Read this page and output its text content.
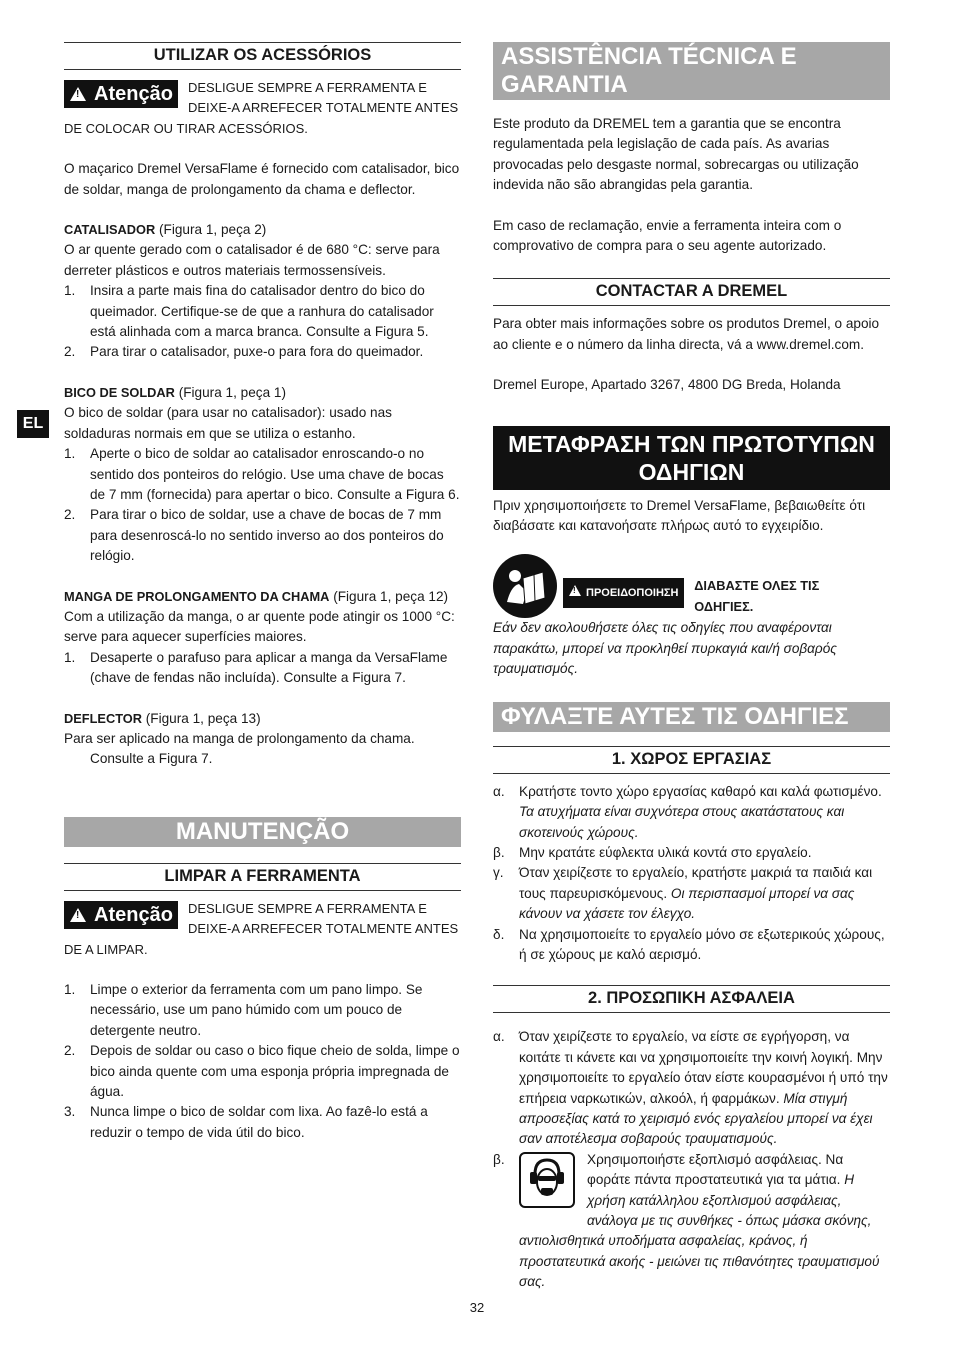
EL
UTILIZAR OS ACESSÓRIOS
!
Atenção	DESLIGUE SEMPRE A FERRAMENTA E DEIXE-A ARREFECER TOTALMENTE ANTES

DE COLOCAR OU TIRAR ACESSÓRIOS.

O maçarico Dremel VersaFlame é fornecido com catalisador, bico de soldar, manga de prolongamento da chama e deflector.

CATALISADOR (Figura 1, peça 2)

O ar quente gerado com o catalisador é de 680 °C: serve para derreter plásticos e outros materiais termossensíveis.

1. Insira a parte mais fina do catalisador dentro do bico do queimador. Certifique-se de que a ranhura do catalisador está alinhada com a marca branca. Consulte a Figura 5.
2. Para tirar o catalisador, puxe-o para fora do queimador.

BICO DE SOLDAR (Figura 1, peça 1)

O bico de soldar (para usar no catalisador): usado nas soldaduras normais em que se utiliza o estanho.

1. Aperte o bico de soldar ao catalisador enroscando-o no sentido dos ponteiros do relógio. Use uma chave de bocas de 7 mm (fornecida) para apertar o bico. Consulte a Figura 6.
2. Para tirar o bico de soldar, use a chave de bocas de 7 mm para desenroscá-lo no sentido inverso ao dos ponteiros do relógio.

MANGA DE PROLONGAMENTO DA CHAMA (Figura 1, peça 12)

Com a utilização da manga, o ar quente pode atingir os 1000 °C: serve para aquecer superfícies maiores.

1. Desaperte o parafuso para aplicar a manga da VersaFlame (chave de fendas não incluída). Consulte a Figura 7.

DEFLECTOR (Figura 1, peça 13)

Para ser aplicado na manga de prolongamento da chama.

Consulte a Figura 7.

MANUTENÇÃO
LIMPAR A FERRAMENTA
!
Atenção	DESLIGUE SEMPRE A FERRAMENTA E DEIXE-A ARREFECER TOTALMENTE ANTES

DE A LIMPAR.

1. Limpe o exterior da ferramenta com um pano limpo. Se necessário, use um pano húmido com um pouco de detergente neutro.
2. Depois de soldar ou caso o bico fique cheio de solda, limpe o bico ainda quente com uma esponja própria impregnada de água.
3. Nunca limpe o bico de soldar com lixa. Ao fazê-lo está a reduzir o tempo de vida útil do bico.
ASSISTÊNCIA TÉCNICA E GARANTIA

Este produto da DREMEL tem a garantia que se encontra regulamentada pela legislação de cada país. As avarias provocadas pelo desgaste normal, sobrecargas ou utilização indevida não são abrangidas pela garantia.

Em caso de reclamação, envie a ferramenta inteira com o comprovativo de compra para o seu agente autorizado.

CONTACTAR A DREMEL

Para obter mais informações sobre os produtos Dremel, o apoio ao cliente e o número da linha directa, vá a www.dremel.com.

Dremel Europe, Apartado 3267, 4800 DG Breda, Holanda

ΜΕΤΑΦΡΑΣΗ ΤΩΝ ΠΡΩΤΟΤΥΠΩΝ ΟΔΗΓΙΩΝ

Πριν χρησιμοποιήσετε το Dremel VersaFlame, βεβαιωθείτε ότι διαβάσατε και κατανοήσατε πλήρως αυτό το εγχειρίδιο.

!ΠΡΟΕΙΔΟΠΟΙΗΣΗ ΔΙΑΒΑΣΤΕ ΟΛΕΣ ΤΙΣ ΟΔΗΓΙΕΣ.

Εάν δεν ακολουθήσετε όλες τις οδηγίες που αναφέρονται παρακάτω, μπορεί να προκληθεί πυρκαγιά και/ή σοβαρός τραυματισμός.

ΦΥΛΑΞΤΕ ΑΥΤΕΣ ΤΙΣ ΟΔΗΓΙΕΣ
1. ΧΩΡΟΣ ΕΡΓΑΣΙΑΣ
α. Κρατήστε τοντο χώρο εργασίας καθαρό και καλά φωτισμένο. Τα ατυχήματα είναι συχνότερα στους ακατάστατους και σκοτεινούς χώρους.
β. Μην κρατάτε εύφλεκτα υλικά κοντά στο εργαλείο.
γ. Όταν χειρίζεστε το εργαλείο, κρατήστε μακριά τα παιδιά και τους παρευρισκόμενους. Οι περισπασμοί μπορεί να σας κάνουν να χάσετε τον έλεγχο.
δ. Να χρησιμοποιείτε το εργαλείο μόνο σε εξωτερικούς χώρους, ή σε χώρους με καλό αερισμό.
2. ΠΡΟΣΩΠΙΚΗ ΑΣΦΑΛΕΙΑ
α. Όταν χειρίζεστε το εργαλείο, να είστε σε εγρήγορση, να κοιτάτε τι κάνετε και να χρησιμοποιείτε την κοινή λογική. Μην χρησιμοποιείτε το εργαλείο όταν είστε κουρασμένοι ή υπό την επήρεια ναρκωτικών, αλκοόλ, ή φαρμάκων. Μία στιγμή απροσεξίας κατά το χειρισμό ενός εργαλείου μπορεί να έχει σαν αποτέλεσμα σοβαρούς τραυματισμούς.
β.	Χρησιμοποιήστε εξοπλισμό ασφάλειας. Να φοράτε πάντα προστατευτικά για τα μάτια. Η χρήση κατάλληλου εξοπλισμού ασφάλειας, ανάλογα με τις συνθήκες - όπως μάσκα σκόνης, αντιολισθητικά υποδήματα ασφαλείας, κράνος, ή προστατευτικά ακοής - μειώνει τις πιθανότητες τραυματισμού σας.
32
